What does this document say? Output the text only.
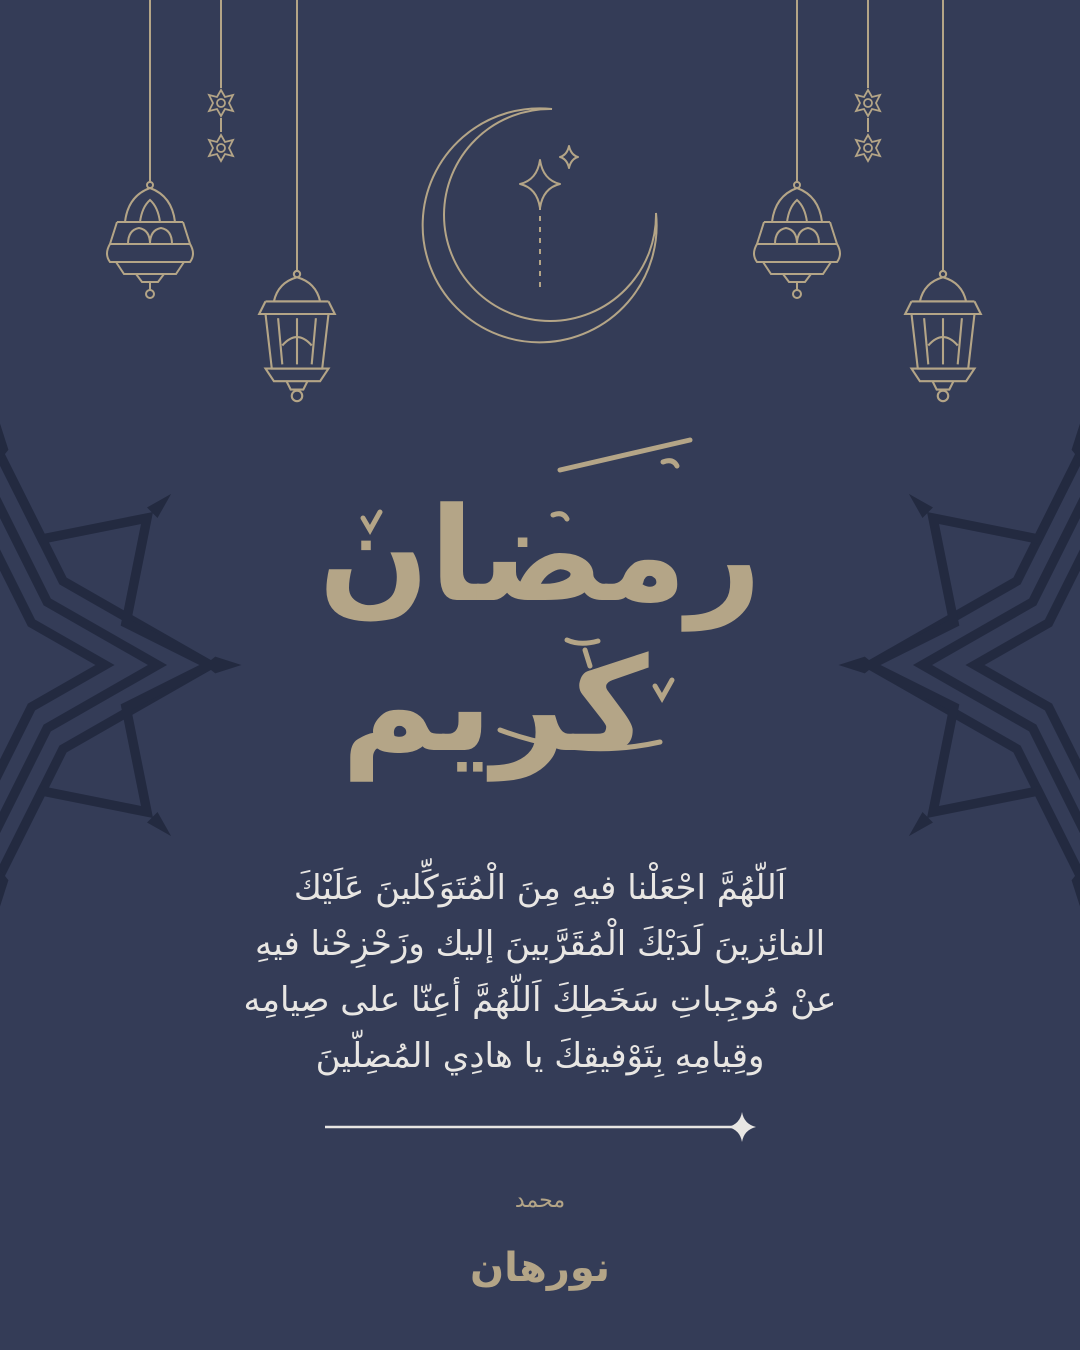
رمضان
كريم
اَللّهُمَّ اجْعَلْنا فيهِ مِنَ الْمُتَوَكِّلينَ عَلَيْكَ
الفائِزينَ لَدَيْكَ الْمُقَرَّبينَ إليك وزَحْزِحْنا فيهِ
عنْ مُوجِباتِ سَخَطِكَ اَللّهُمَّ أعِنّا على صِيامِه
وقِيامِهِ بِتَوْفيقِكَ يا هادِي المُضِلّينَ
محمد
نورهان
